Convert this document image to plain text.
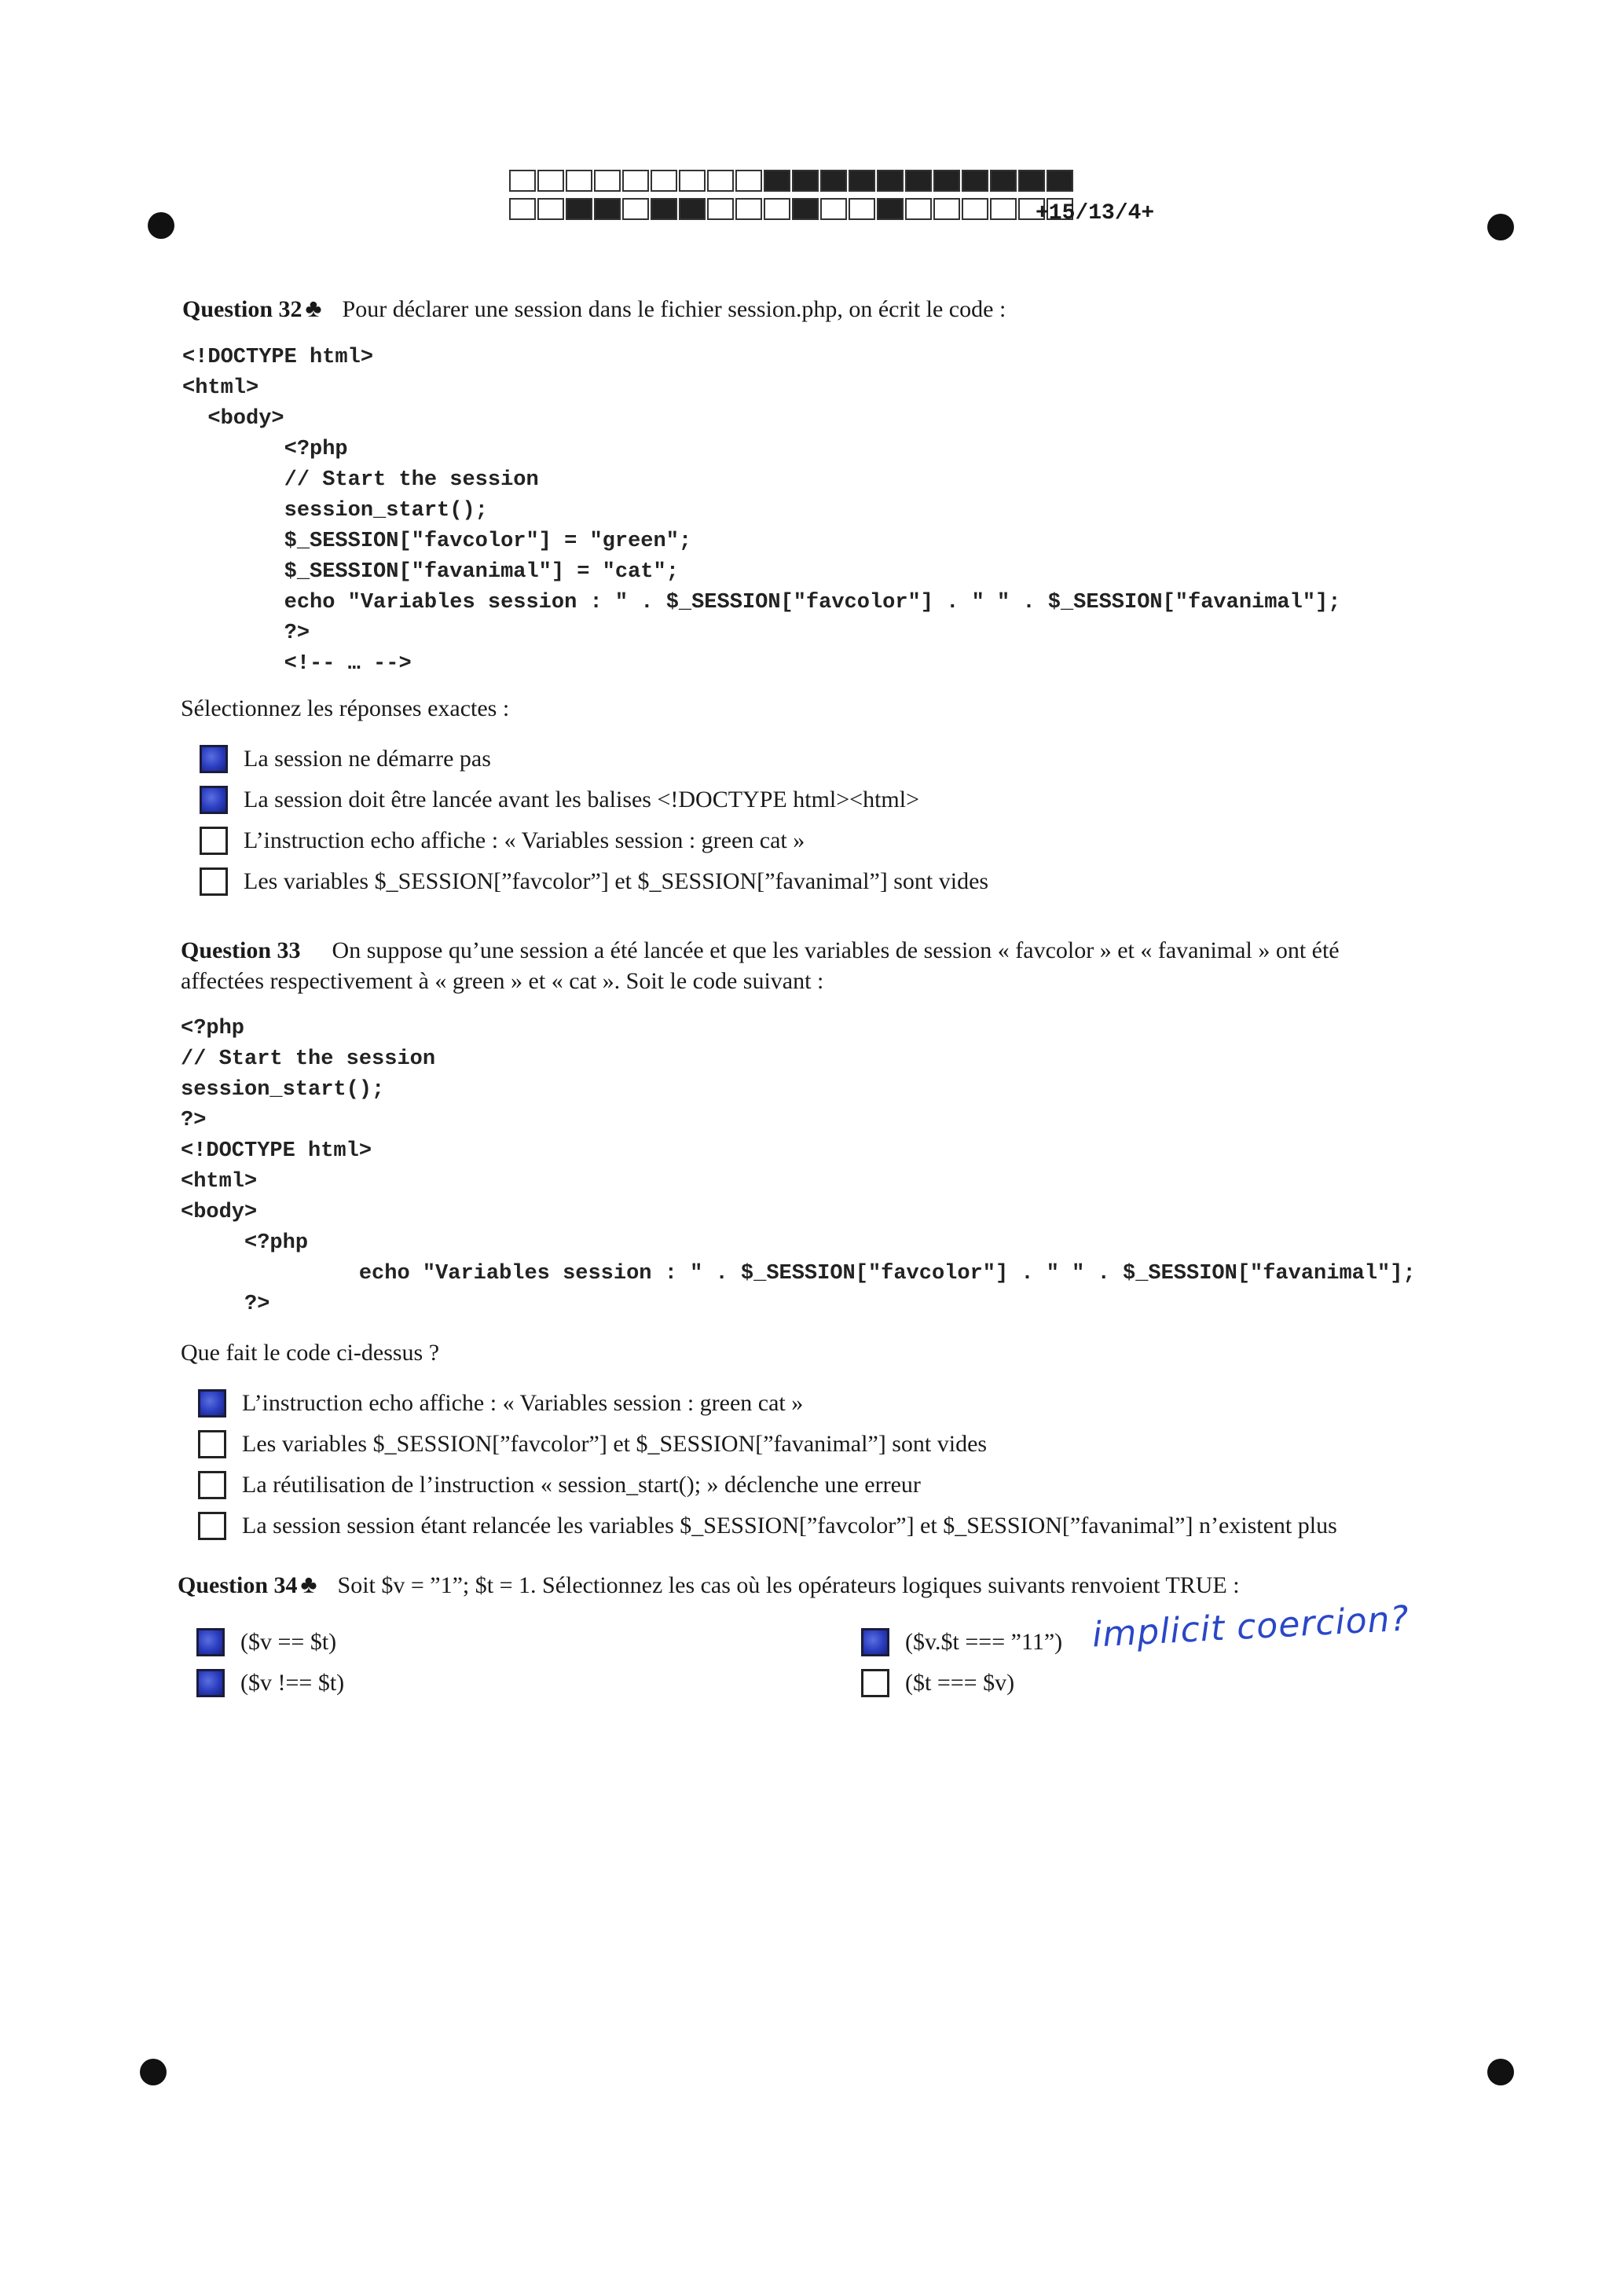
+15/13/4+
Question 32 ♣ Pour déclarer une session dans le fichier session.php, on écrit le code :
<!DOCTYPE html>
<html>
<body>
<?php
// Start the session
session_start();
$_SESSION["favcolor"] = "green";
$_SESSION["favanimal"] = "cat";
echo "Variables session : " . $_SESSION["favcolor"] . " " . $_SESSION["favanimal"];
?>
<!-- … -->
Sélectionnez les réponses exactes :
La session ne démarre pas
La session doit être lancée avant les balises <!DOCTYPE html><html>
L’instruction echo affiche : « Variables session : green cat »
Les variables $_SESSION[”favcolor”] et $_SESSION[”favanimal”] sont vides
Question 33 On suppose qu’une session a été lancée et que les variables de session « favcolor » et « favanimal » ont été
affectées respectivement à « green » et « cat ». Soit le code suivant :
<?php
// Start the session
session_start();
?>
<!DOCTYPE html>
<html>
<body>
<?php
echo "Variables session : " . $_SESSION["favcolor"] . " " . $_SESSION["favanimal"];
?>
Que fait le code ci-dessus ?
L’instruction echo affiche : « Variables session : green cat »
Les variables $_SESSION[”favcolor”] et $_SESSION[”favanimal”] sont vides
La réutilisation de l’instruction « session_start(); » déclenche une erreur
La session session étant relancée les variables $_SESSION[”favcolor”] et $_SESSION[”favanimal”] n’existent plus
Question 34 ♣ Soit $v = ”1”; $t = 1. Sélectionnez les cas où les opérateurs logiques suivants renvoient TRUE :
($v == $t)
($v !== $t)
($v.$t === ”11”)
($t === $v)
implicit coercion?
